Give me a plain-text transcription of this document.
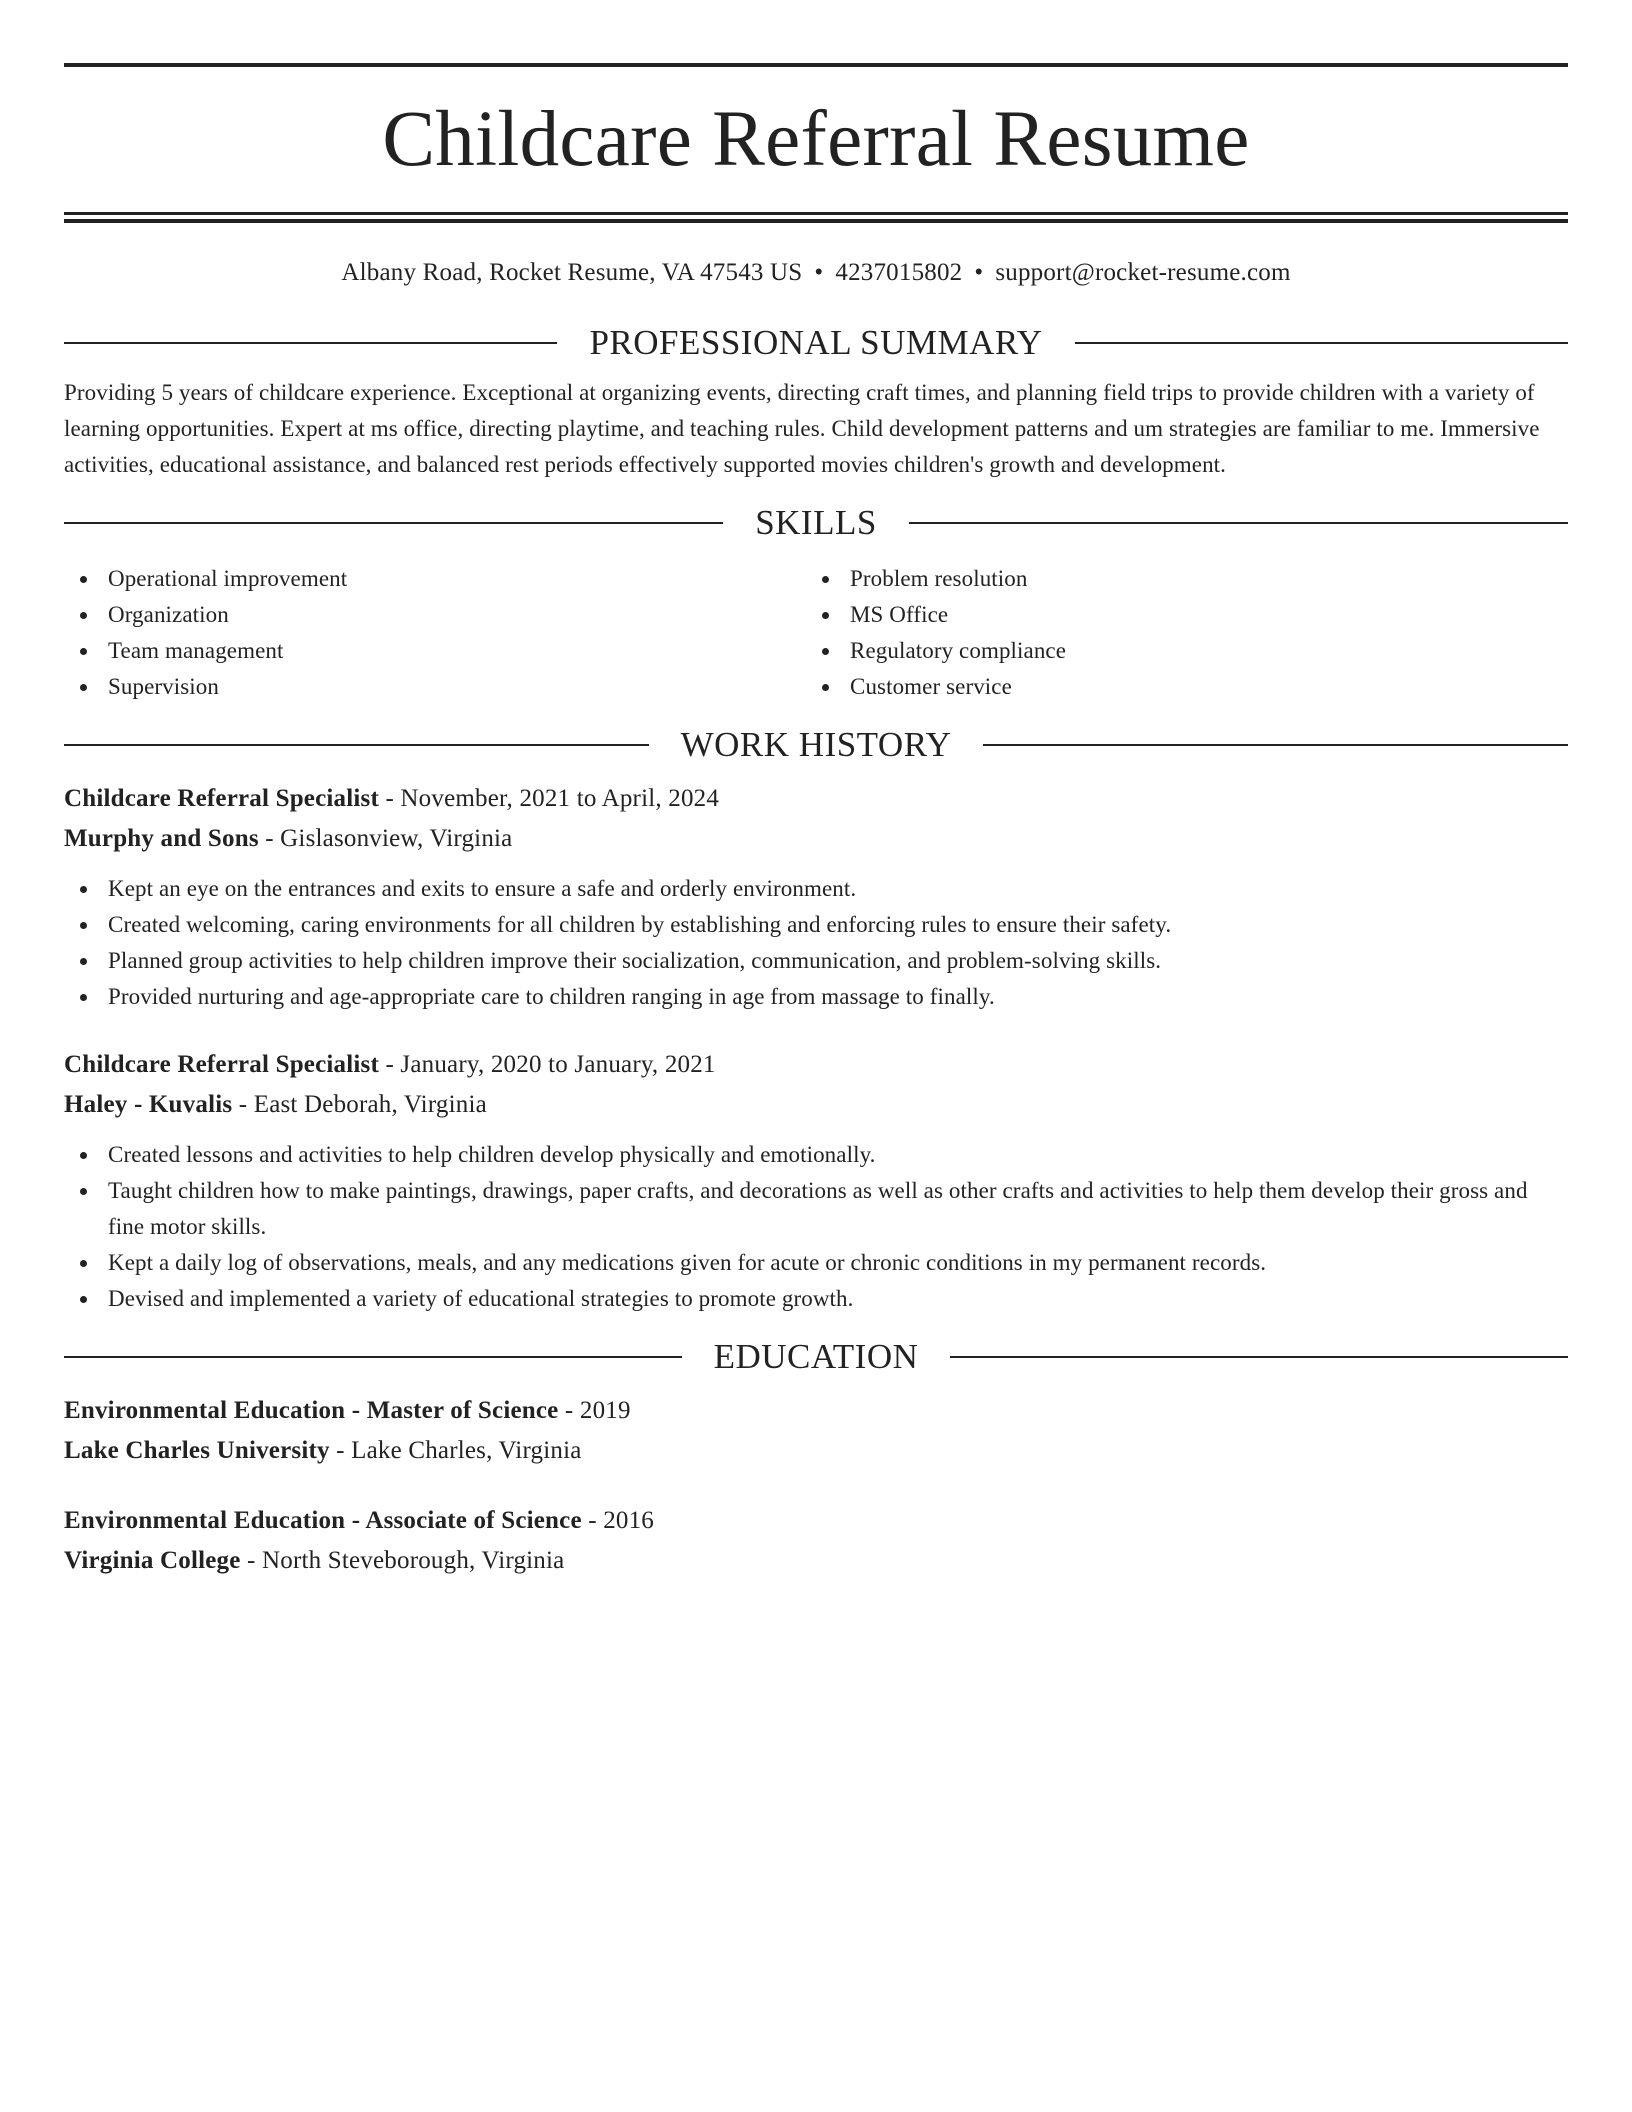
Childcare Referral Resume
Albany Road, Rocket Resume, VA 47543 US • 4237015802 • support@rocket-resume.com
PROFESSIONAL SUMMARY

Providing 5 years of childcare experience. Exceptional at organizing events, directing craft times, and planning field trips to provide children with a variety of learning opportunities. Expert at ms office, directing playtime, and teaching rules. Child development patterns and um strategies are familiar to me. Immersive activities, educational assistance, and balanced rest periods effectively supported movies children's growth and development.

SKILLS
Operational improvement
Organization
Team management
Supervision
Problem resolution
MS Office
Regulatory compliance
Customer service
WORK HISTORY
Childcare Referral Specialist - November, 2021 to April, 2024
Murphy and Sons - Gislasonview, Virginia
Kept an eye on the entrances and exits to ensure a safe and orderly environment.
Created welcoming, caring environments for all children by establishing and enforcing rules to ensure their safety.
Planned group activities to help children improve their socialization, communication, and problem-solving skills.
Provided nurturing and age-appropriate care to children ranging in age from massage to finally.
Childcare Referral Specialist - January, 2020 to January, 2021
Haley - Kuvalis - East Deborah, Virginia
Created lessons and activities to help children develop physically and emotionally.
Taught children how to make paintings, drawings, paper crafts, and decorations as well as other crafts and activities to help them develop their gross and fine motor skills.
Kept a daily log of observations, meals, and any medications given for acute or chronic conditions in my permanent records.
Devised and implemented a variety of educational strategies to promote growth.
EDUCATION
Environmental Education - Master of Science - 2019
Lake Charles University - Lake Charles, Virginia
Environmental Education - Associate of Science - 2016
Virginia College - North Steveborough, Virginia
